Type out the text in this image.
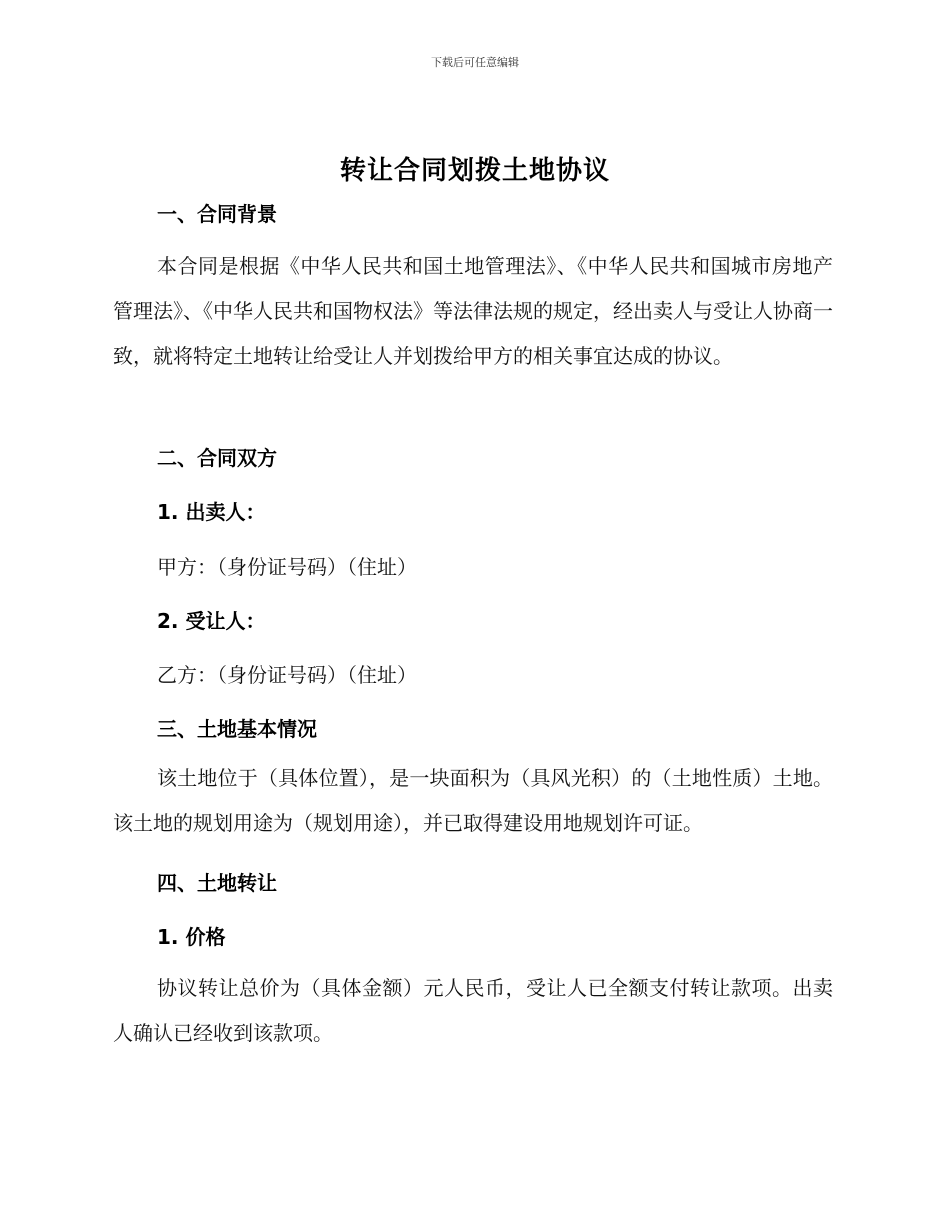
下载后可任意编辑
转让合同划拨土地协议
一、合同背景
本合同是根据《中华人民共和国土地管理法》、《中华人民共和国城市房地产管理法》、《中华人民共和国物权法》等法律法规的规定，经出卖人与受让人协商一致，就将特定土地转让给受让人并划拨给甲方的相关事宜达成的协议。
二、合同双方
1. 出卖人：
甲方：（身份证号码）（住址）
2. 受让人：
乙方：（身份证号码）（住址）
三、土地基本情况
该土地位于（具体位置），是一块面积为（具风光积）的（土地性质）土地。该土地的规划用途为（规划用途），并已取得建设用地规划许可证。
四、土地转让
1. 价格
协议转让总价为（具体金额）元人民币，受让人已全额支付转让款项。出卖人确认已经收到该款项。
